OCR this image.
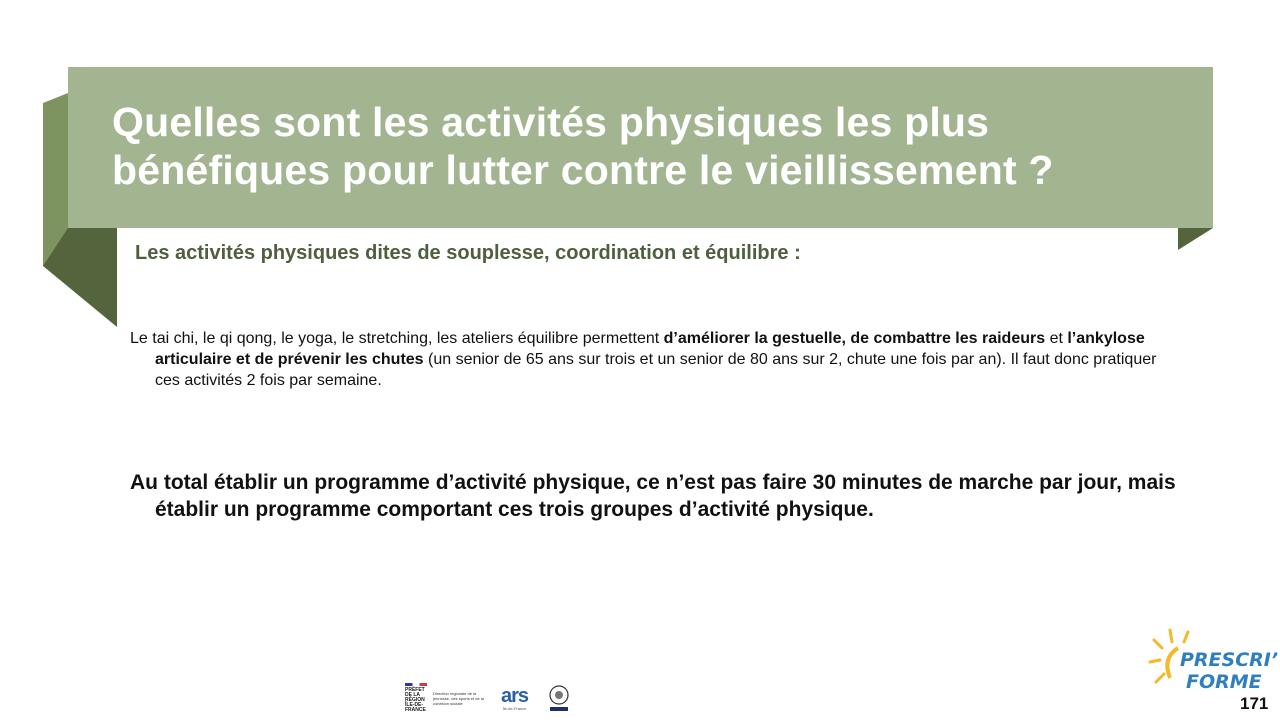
Quelles sont les activités physiques les plus bénéfiques pour lutter contre le vieillissement ?
Les activités physiques dites de souplesse, coordination et équilibre :
Le tai chi, le qi qong, le yoga, le stretching, les ateliers équilibre permettent d’améliorer la gestuelle, de combattre les raideurs et l’ankylose articulaire et de prévenir les chutes (un senior de 65 ans sur trois et un senior de 80 ans sur 2, chute une fois par an). Il faut donc pratiquer ces activités 2 fois par semaine.
Au total établir un programme d’activité physique, ce n’est pas faire 30 minutes de marche par jour, mais établir un programme comportant ces trois groupes d’activité physique.
PRÉFET DE LA RÉGION ÎLE-DE-FRANCE
Direction régionale de la jeunesse, des sports et de la cohésion sociale	ars
Île-de-France
PRESCRI’
FORME
171
